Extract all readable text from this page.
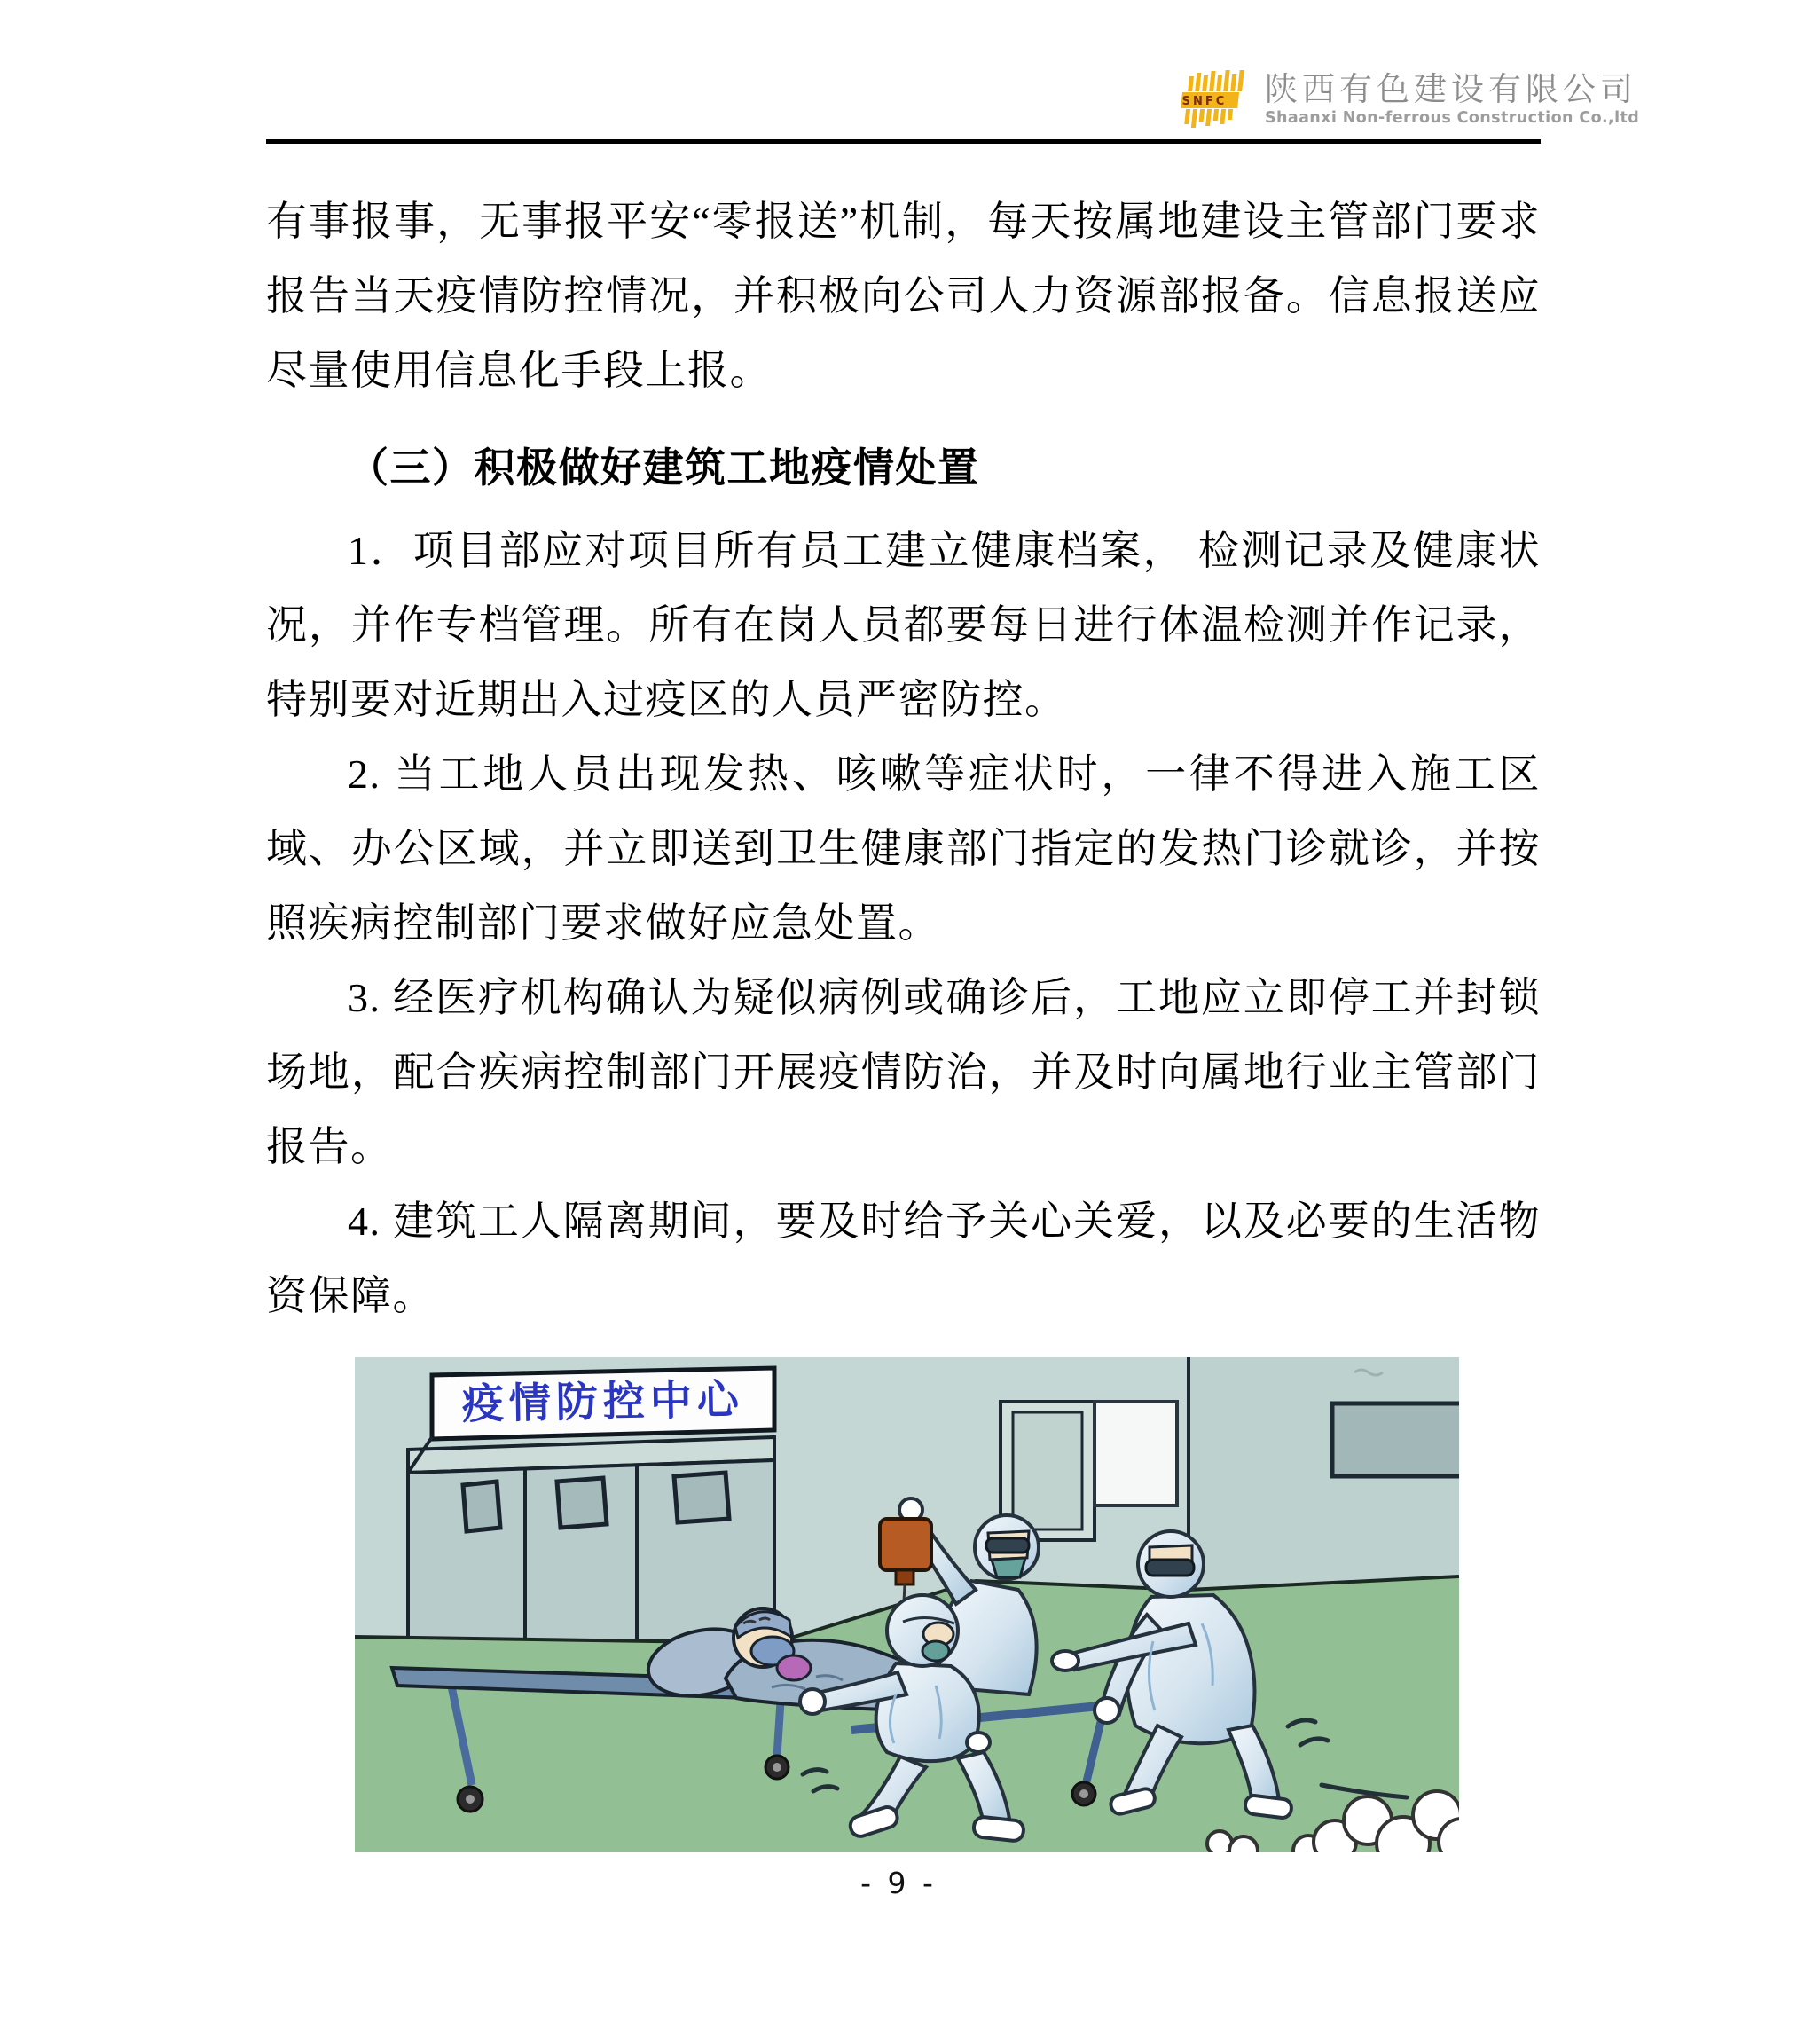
SNFC 陕西有色建设有限公司
Shaanxi Non-ferrous Construction Co.,ltd

有事报事，无事报平安“零报送”机制，每天按属地建设主管部门要求报告当天疫情防控情况，并积极向公司人力资源部报备。信息报送应尽量使用信息化手段上报。

（三）积极做好建筑工地疫情处置

1．项目部应对项目所有员工建立健康档案， 检测记录及健康状况，并作专档管理。所有在岗人员都要每日进行体温检测并作记录，特别要对近期出入过疫区的人员严密防控。

2. 当工地人员出现发热、咳嗽等症状时，一律不得进入施工区域、办公区域，并立即送到卫生健康部门指定的发热门诊就诊，并按照疾病控制部门要求做好应急处置。

3. 经医疗机构确认为疑似病例或确诊后，工地应立即停工并封锁场地，配合疾病控制部门开展疫情防治，并及时向属地行业主管部门报告。

4. 建筑工人隔离期间，要及时给予关心关爱，以及必要的生活物资保障。

疫情防控中心
- 9 -
